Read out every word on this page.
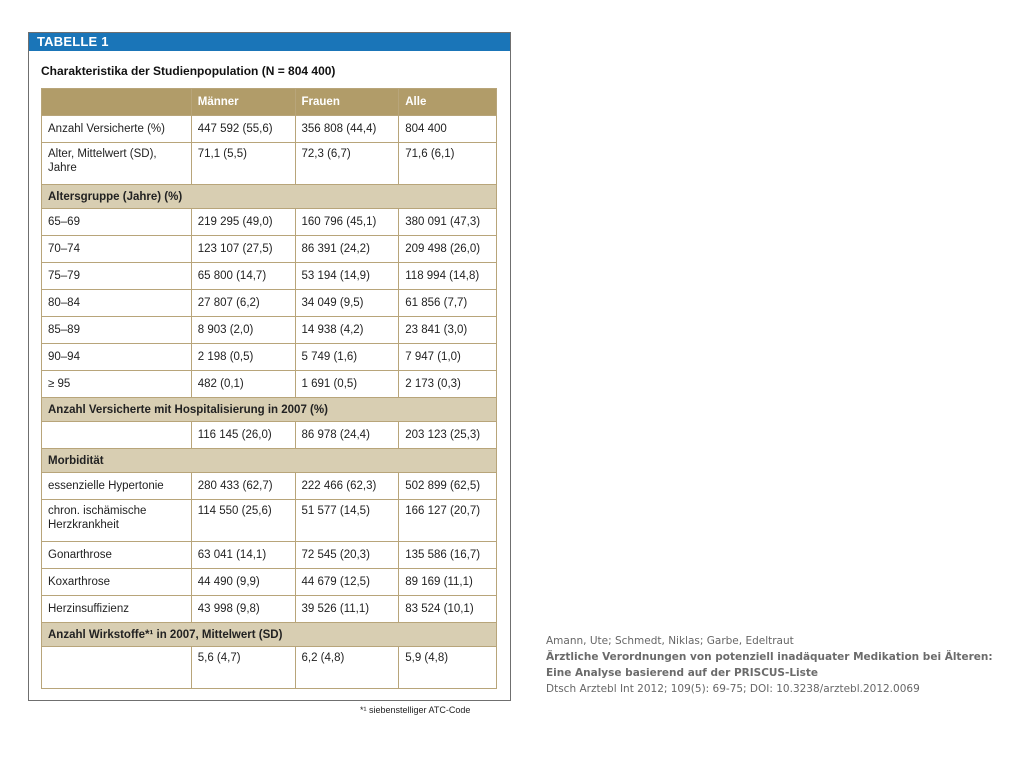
TABELLE 1
Charakteristika der Studienpopulation (N = 804 400)
	Männer	Frauen	Alle
Anzahl Versicherte (%)	447 592 (55,6)	356 808 (44,4)	804 400
Alter, Mittelwert (SD), Jahre	71,1 (5,5)	72,3 (6,7)	71,6 (6,1)
Altersgruppe (Jahre) (%)			
65–69	219 295 (49,0)	160 796 (45,1)	380 091 (47,3)
70–74	123 107 (27,5)	86 391 (24,2)	209 498 (26,0)
75–79	65 800 (14,7)	53 194 (14,9)	118 994 (14,8)
80–84	27 807 (6,2)	34 049 (9,5)	61 856 (7,7)
85–89	8 903 (2,0)	14 938 (4,2)	23 841 (3,0)
90–94	2 198 (0,5)	5 749 (1,6)	7 947 (1,0)
≥ 95	482 (0,1)	1 691 (0,5)	2 173 (0,3)
Anzahl Versicherte mit Hospitalisierung in 2007 (%)			
	116 145 (26,0)	86 978 (24,4)	203 123 (25,3)
Morbidität			
essenzielle Hypertonie	280 433 (62,7)	222 466 (62,3)	502 899 (62,5)
chron. ischämische Herzkrankheit	114 550 (25,6)	51 577 (14,5)	166 127 (20,7)
Gonarthrose	63 041 (14,1)	72 545 (20,3)	135 586 (16,7)
Koxarthrose	44 490 (9,9)	44 679 (12,5)	89 169 (11,1)
Herzinsuffizienz	43 998 (9,8)	39 526 (11,1)	83 524 (10,1)
Anzahl Wirkstoffe*¹ in 2007, Mittelwert (SD)			
	5,6 (4,7)	6,2 (4,8)	5,9 (4,8)
*¹ siebenstelliger ATC-Code
Amann, Ute; Schmedt, Niklas; Garbe, Edeltraut
Ärztliche Verordnungen von potenziell inadäquater Medikation bei Älteren: Eine Analyse basierend auf der PRISCUS-Liste
Dtsch Arztebl Int 2012; 109(5): 69-75; DOI: 10.3238/arztebl.2012.0069
